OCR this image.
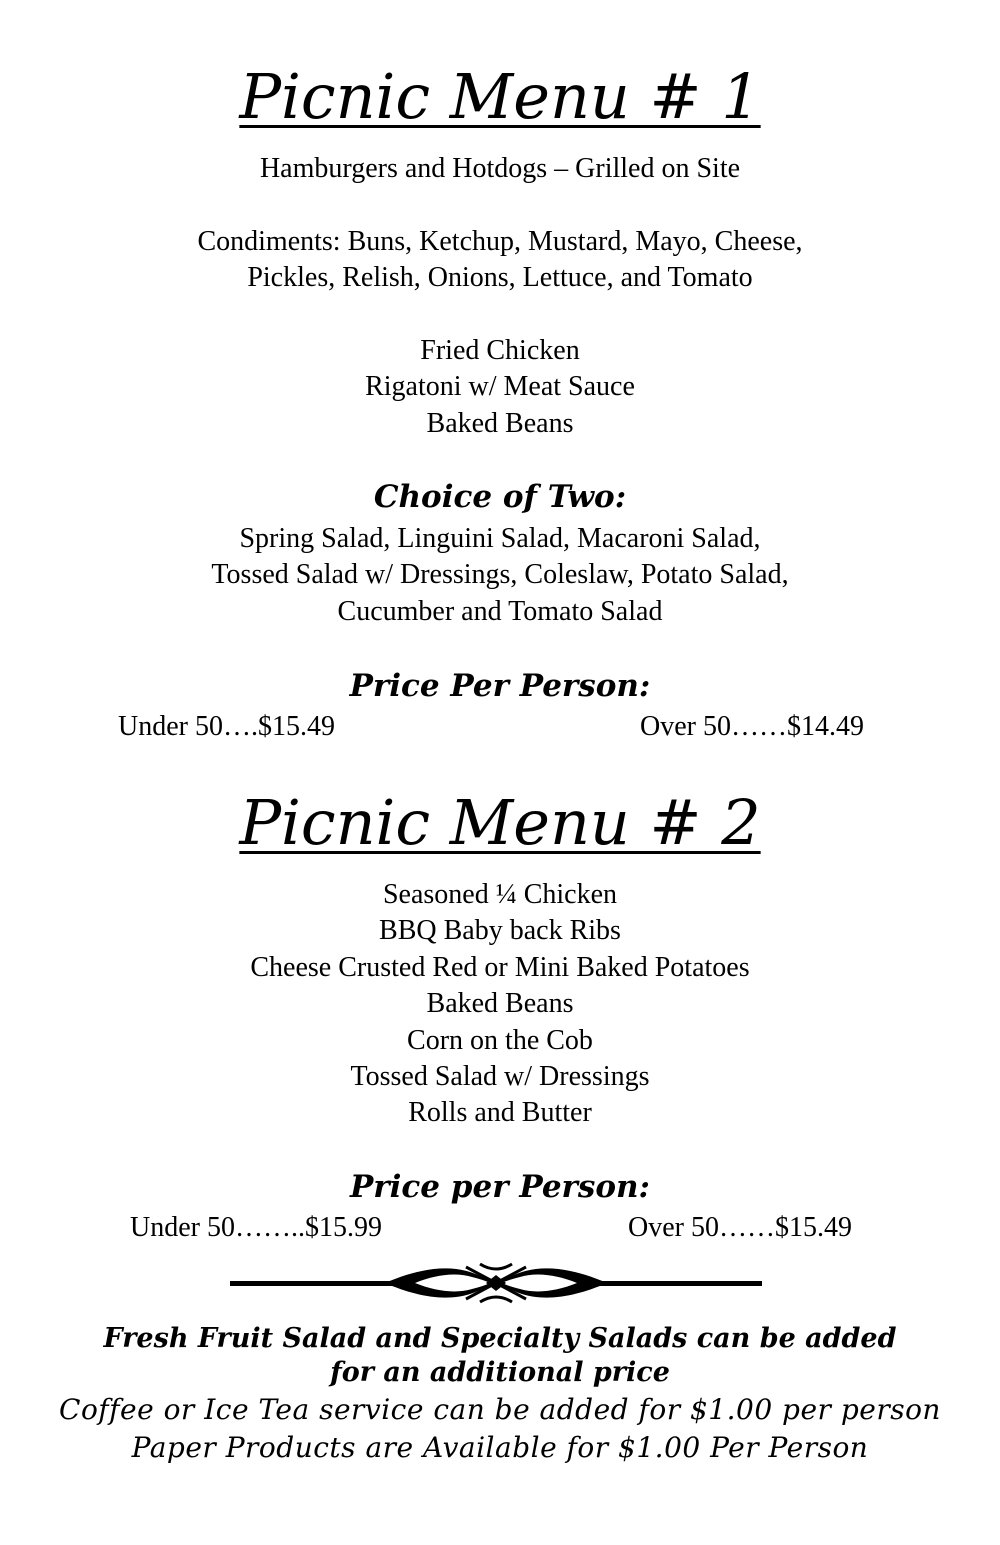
Picnic Menu # 1

Hamburgers and Hotdogs – Grilled on Site

Condiments: Buns, Ketchup, Mustard, Mayo, Cheese,

Pickles, Relish, Onions, Lettuce, and Tomato

Fried Chicken

Rigatoni w/ Meat Sauce

Baked Beans

Choice of Two:

Spring Salad, Linguini Salad, Macaroni Salad,

Tossed Salad w/ Dressings, Coleslaw, Potato Salad,

Cucumber and Tomato Salad

Price Per Person:

Under 50….$15.49	Over 50……$14.49
Picnic Menu # 2

Seasoned ¼ Chicken

BBQ Baby back Ribs

Cheese Crusted Red or Mini Baked Potatoes

Baked Beans

Corn on the Cob

Tossed Salad w/ Dressings

Rolls and Butter

Price per Person:

Under 50……..$15.99	Over 50……$15.49

Fresh Fruit Salad and Specialty Salads can be added

for an additional price

Coffee or Ice Tea service can be added for $1.00 per person

Paper Products are Available for $1.00 Per Person
